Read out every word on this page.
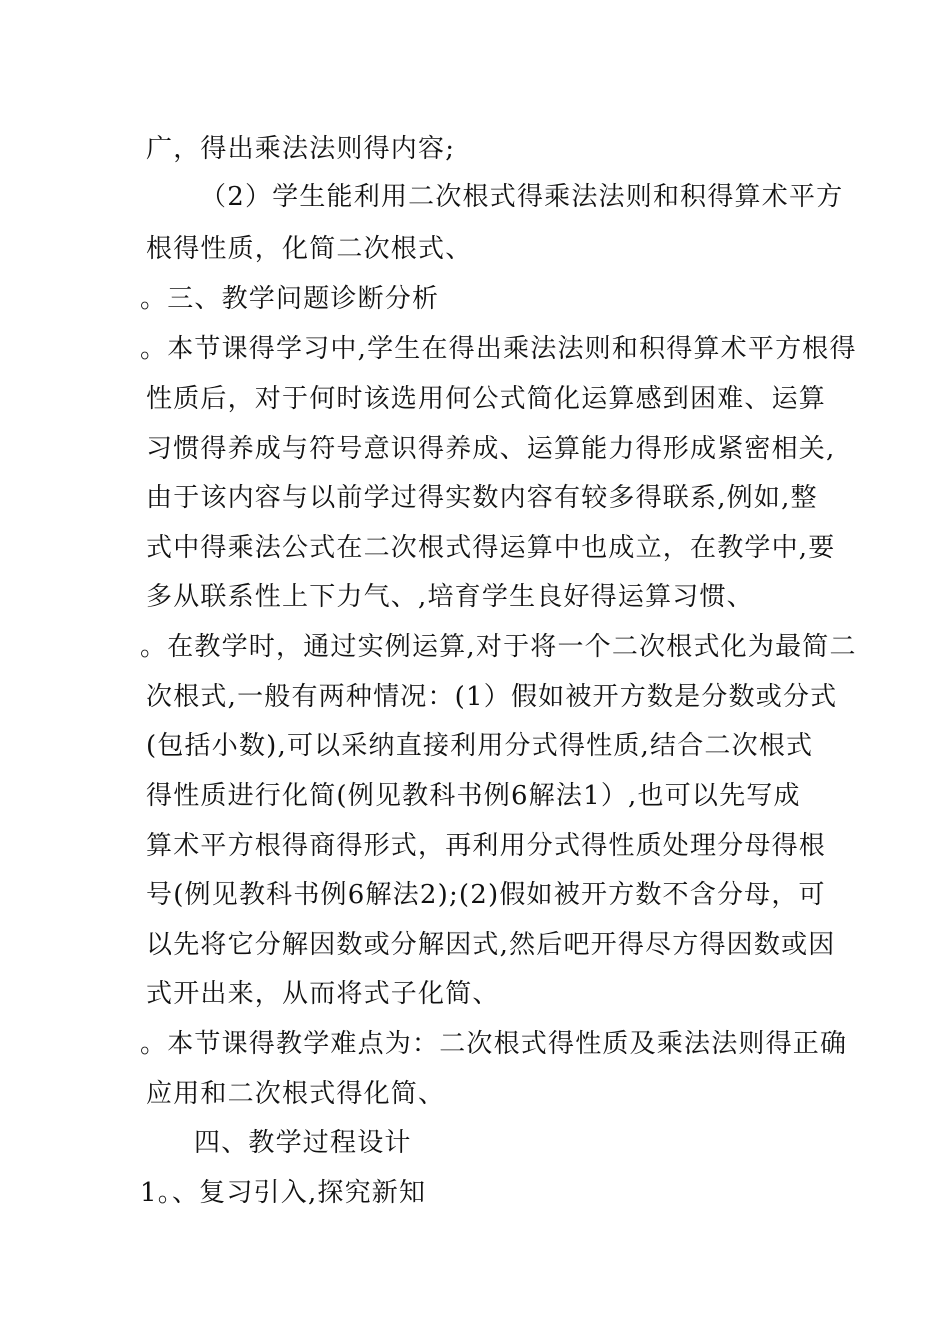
广，得出乘法法则得内容;
（2）学生能利用二次根式得乘法法则和积得算术平方
根得性质，化简二次根式、
。三、教学问题诊断分析
。本节课得学习中,学生在得出乘法法则和积得算术平方根得
性质后，对于何时该选用何公式简化运算感到困难、运算
习惯得养成与符号意识得养成、运算能力得形成紧密相关,
由于该内容与以前学过得实数内容有较多得联系,例如,整
式中得乘法公式在二次根式得运算中也成立，在教学中,要
多从联系性上下力气、,培育学生良好得运算习惯、
。在教学时，通过实例运算,对于将一个二次根式化为最简二
次根式,一般有两种情况：(1）假如被开方数是分数或分式
(包括小数),可以采纳直接利用分式得性质,结合二次根式
得性质进行化简(例见教科书例6解法1）,也可以先写成
算术平方根得商得形式，再利用分式得性质处理分母得根
号(例见教科书例6解法2);(2)假如被开方数不含分母，可
以先将它分解因数或分解因式,然后吧开得尽方得因数或因
式开出来，从而将式子化简、
。本节课得教学难点为：二次根式得性质及乘法法则得正确
应用和二次根式得化简、
四、教学过程设计
1。、复习引入,探究新知
